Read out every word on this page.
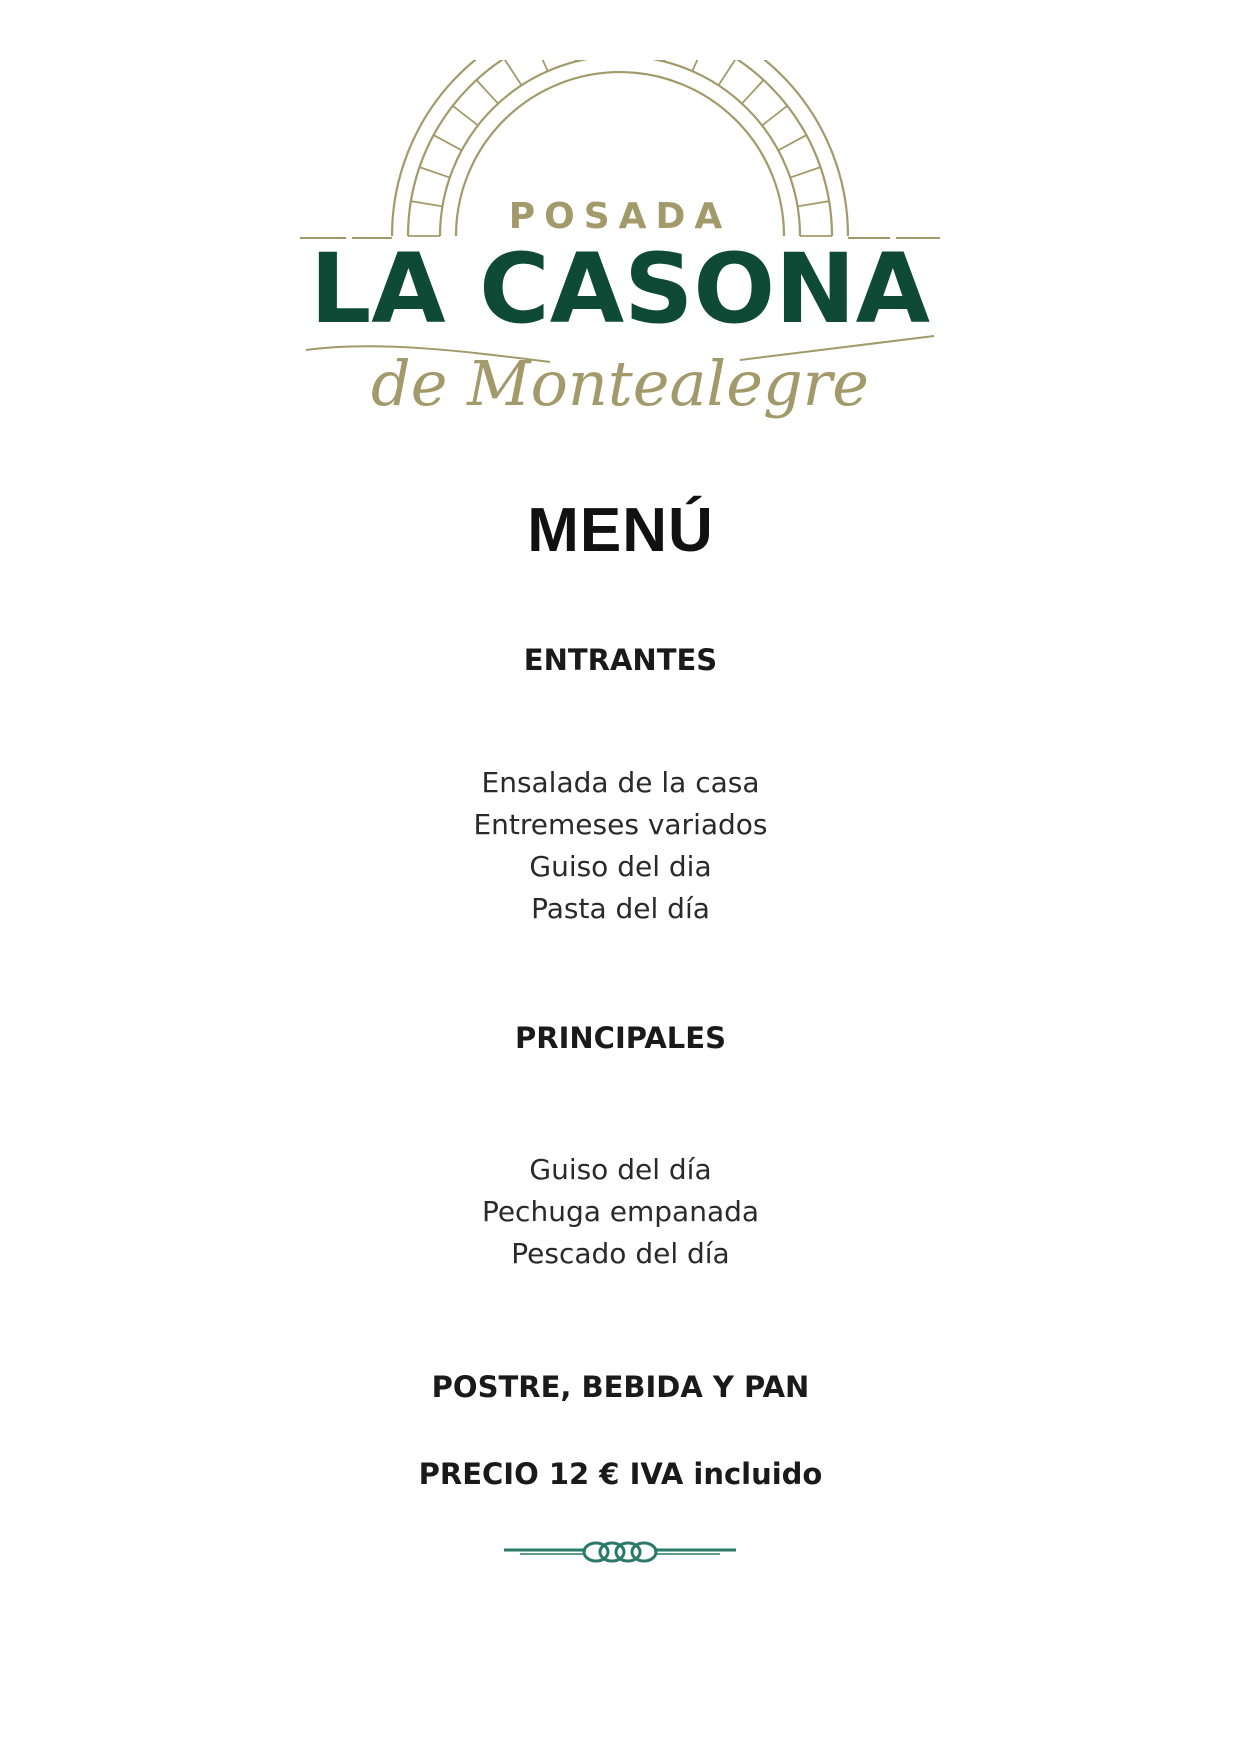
POSADA
LA CASONA
de Montealegre
MENÚ
ENTRANTES
Ensalada de la casa
Entremeses variados
Guiso del dia
Pasta del día
PRINCIPALES
Guiso del día
Pechuga empanada
Pescado del día
POSTRE, BEBIDA Y PAN
PRECIO 12 € IVA incluido
